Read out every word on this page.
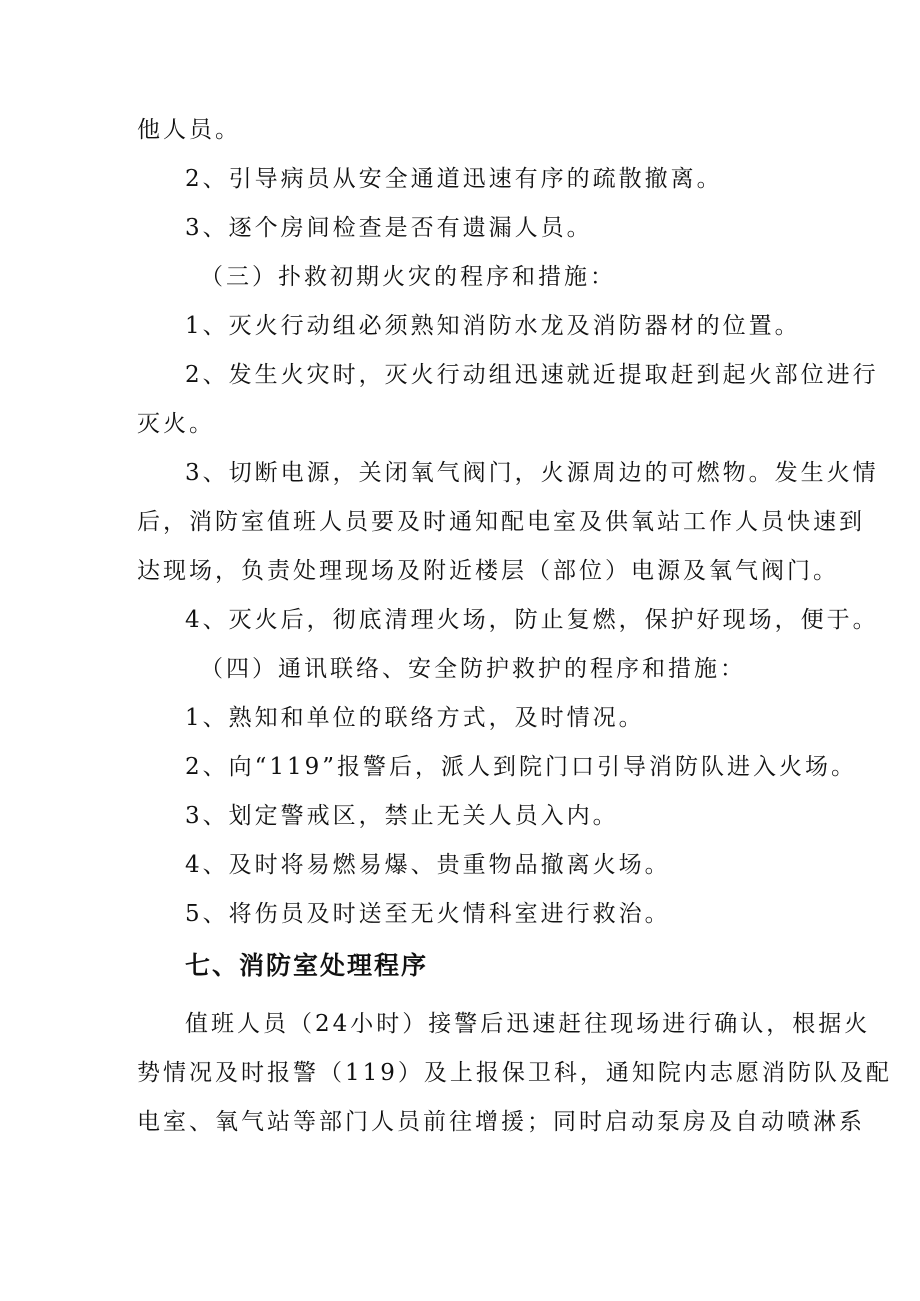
他人员。
2、引导病员从安全通道迅速有序的疏散撤离。
3、逐个房间检查是否有遗漏人员。
（三）扑救初期火灾的程序和措施：
1、灭火行动组必须熟知消防水龙及消防器材的位置。
2、发生火灾时，灭火行动组迅速就近提取赶到起火部位进行
灭火。
3、切断电源，关闭氧气阀门，火源周边的可燃物。发生火情
后，消防室值班人员要及时通知配电室及供氧站工作人员快速到
达现场，负责处理现场及附近楼层（部位）电源及氧气阀门。
4、灭火后，彻底清理火场，防止复燃，保护好现场，便于。
（四）通讯联络、安全防护救护的程序和措施：
1、熟知和单位的联络方式，及时情况。
2、向“119”报警后，派人到院门口引导消防队进入火场。
3、划定警戒区，禁止无关人员入内。
4、及时将易燃易爆、贵重物品撤离火场。
5、将伤员及时送至无火情科室进行救治。
七、消防室处理程序
值班人员（24小时）接警后迅速赶往现场进行确认，根据火
势情况及时报警（119）及上报保卫科，通知院内志愿消防队及配
电室、氧气站等部门人员前往增援；同时启动泵房及自动喷淋系
